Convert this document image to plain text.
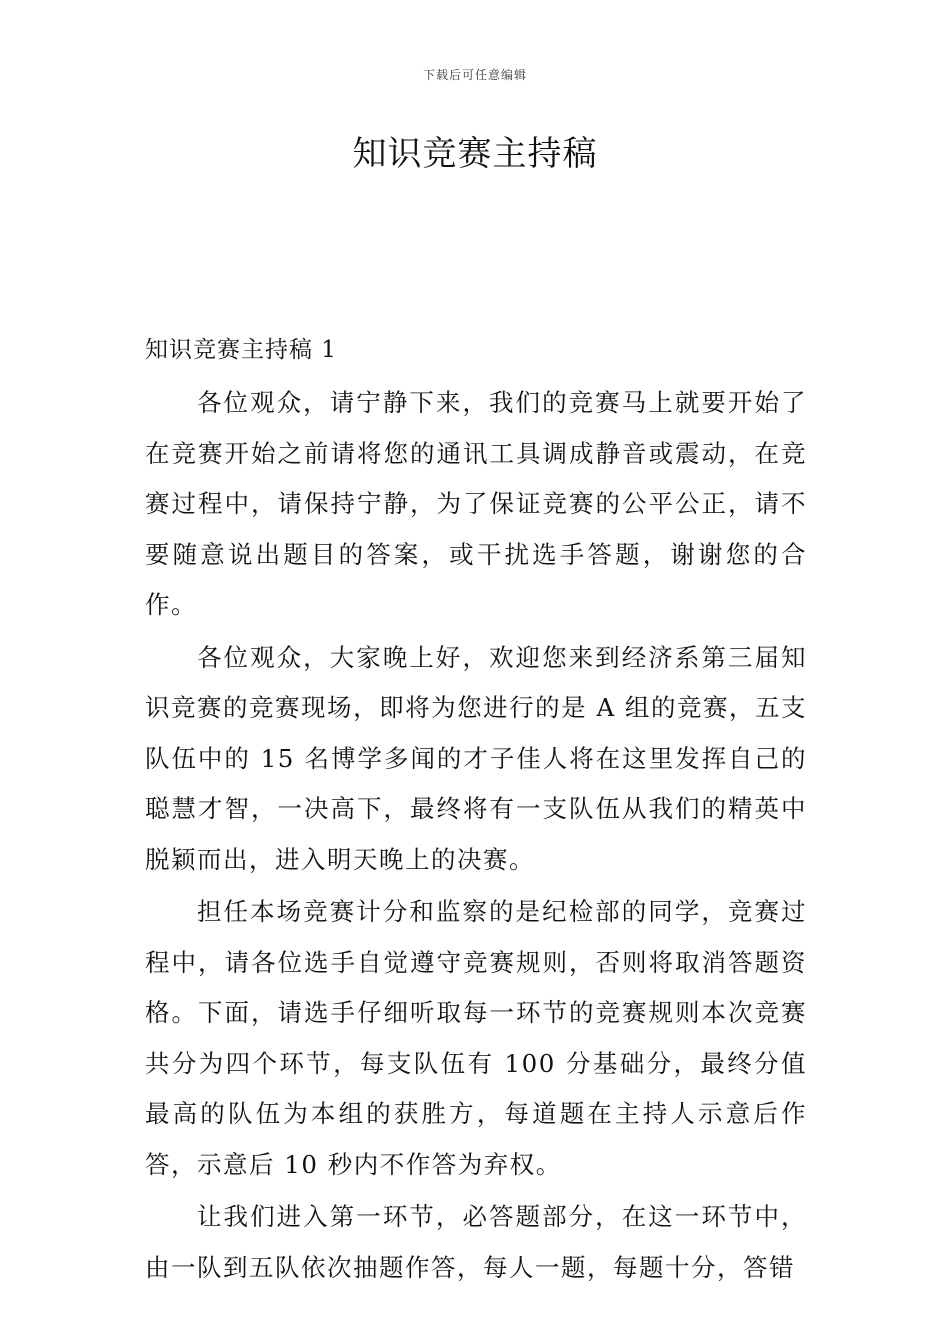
下载后可任意编辑
知识竞赛主持稿
知识竞赛主持稿 1

各位观众，请宁静下来，我们的竞赛马上就要开始了在竞赛开始之前请将您的通讯工具调成静音或震动，在竞赛过程中，请保持宁静，为了保证竞赛的公平公正，请不要随意说出题目的答案，或干扰选手答题，谢谢您的合作。

各位观众，大家晚上好，欢迎您来到经济系第三届知识竞赛的竞赛现场，即将为您进行的是 A 组的竞赛，五支队伍中的 15 名博学多闻的才子佳人将在这里发挥自己的聪慧才智，一决高下，最终将有一支队伍从我们的精英中脱颖而出，进入明天晚上的决赛。

担任本场竞赛计分和监察的是纪检部的同学，竞赛过程中，请各位选手自觉遵守竞赛规则，否则将取消答题资格。下面，请选手仔细听取每一环节的竞赛规则本次竞赛共分为四个环节，每支队伍有 100 分基础分，最终分值最高的队伍为本组的获胜方，每道题在主持人示意后作答，示意后 10 秒内不作答为弃权。

让我们进入第一环节，必答题部分，在这一环节中，由一队到五队依次抽题作答，每人一题，每题十分，答错
